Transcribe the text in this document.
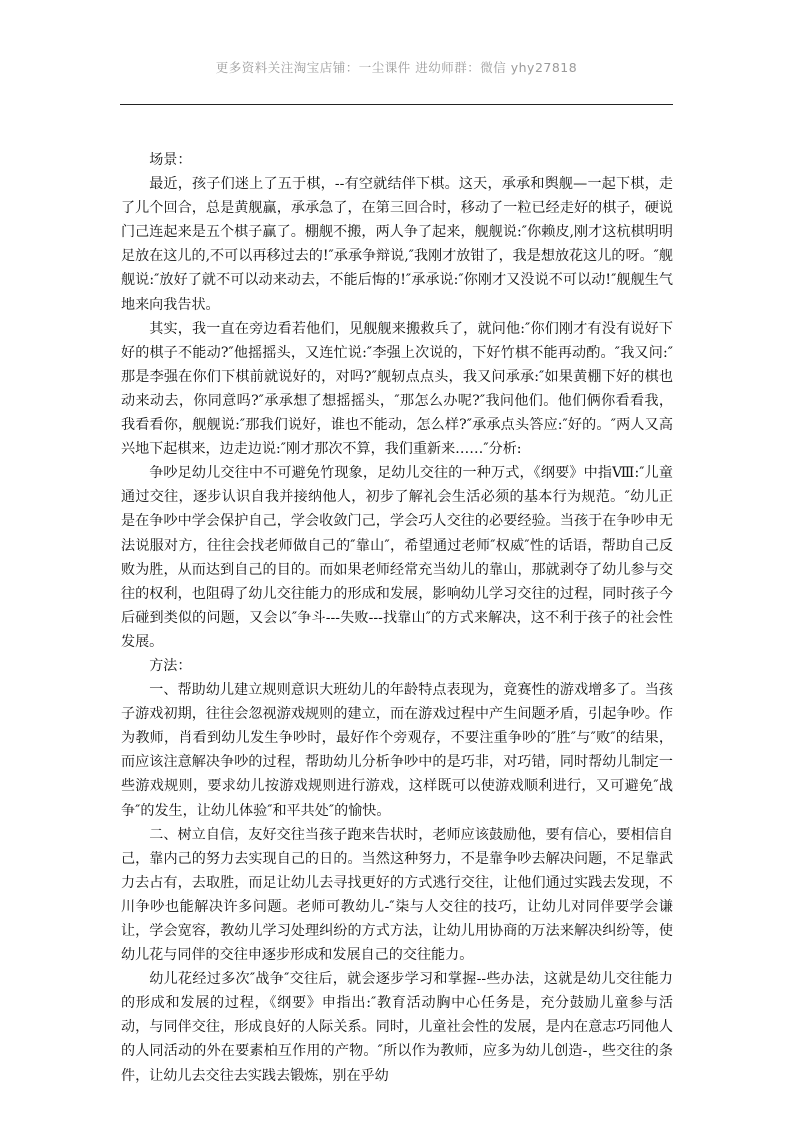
更多资料关注淘宝店铺：一尘课件 进幼师群：微信 yhy27818

场景：

最近，孩子们迷上了五于棋，--有空就结伴下棋。这天，承承和舆舰—一起下棋，走了儿个回合，总是黄舰赢，承承急了，在第三回合时，移动了一粒已经走好的棋子，硬说门己连起来是五个棋子赢了。棚舰不搬，两人争了起来，舰舰说:″你赖皮,刚才这杭棋明明足放在这儿的,不可以再移过去的!″承承争辩说,″我刚才放钳了，我是想放花这儿的呀。″舰舰说:″放好了就不可以动来动去，不能后悔的!″承承说:″你刚才又没说不可以动!″舰舰生气地来向我告状。

其实，我一直在旁边看若他们，见舰舰来搬救兵了，就问他:″你们刚才有没有说好下好的棋子不能动?″他摇摇头，又连忙说:″李强上次说的，下好竹棋不能再动酌。″我又问:″那是李强在你们下棋前就说好的，对吗?″舰轫点点头，我又问承承:″如果黄棚下好的棋也动来动去，你同意吗?″承承想了想摇摇头，″那怎么办呢?″我问他们。他们俩你看看我，我看看你，舰舰说:″那我们说好，谁也不能动，怎么样?″承承点头答应:″好的。″两人又高兴地下起棋来，边走边说:″刚才那次不算，我们重新来……″分析:

争吵足幼儿交往中不可避免竹现象，足幼儿交往的一种万式，《纲要》中指Ⅷ:″儿童通过交往，逐步认识自我并接纳他人，初步了解礼会生活必须的基本行为规范。″幼儿正是在争吵中学会保护自己，学会收敛门己，学会巧人交往的必要经验。当孩于在争吵申无法说服对方，往往会找老师做自己的″靠山″，希望通过老师″权威″性的话语，帮助自己反败为胜，从而达到自己的目的。而如果老师经常充当幼儿的靠山，那就剥夺了幼儿参与交往的权利，也阻碍了幼儿交往能力的形成和发展，影响幼儿学习交往的过程，同时孩子今后碰到类似的问题，又会以″争斗---失败---找靠山″的方式来解决，这不利于孩子的社会性发展。

方法：

一、帮助幼儿建立规则意识大班幼儿的年龄特点表现为，竟赛性的游戏增多了。当孩子游戏初期，往往会忽视游戏规则的建立，而在游戏过程中产生间题矛盾，引起争吵。作为教师，肖看到幼儿发生争吵时，最好作个旁观存，不要注重争吵的″胜″与″败″的结果，而应该注意解决争吵的过程，帮助幼儿分析争吵中的是巧非，对巧错，同时帮幼儿制定一些游戏规则，要求幼儿按游戏规则进行游戏，这样既可以使游戏顺利进行，又可避免″战争″的发生，让幼儿体验″和平共处″的愉快。

二、树立自信，友好交往当孩子跑来告状时，老师应该鼓励他，要有信心，要相信自己，靠内己的努力去实现自己的日的。当然这种努力，不是靠争吵去解决问题，不足靠武力去占有，去取胜，而足让幼儿去寻找更好的方式逃行交往，让他们通过实践去发现，不川争吵也能解决许多问题。老师可教幼儿-″柒与人交往的技巧，让幼儿对同伴要学会谦让，学会宽容，教幼儿学习处理纠纷的方式方法，让幼儿用协商的万法来解决纠纷等，使幼儿花与同伴的交往申逐步形成和发展自己的交往能力。

幼儿花经过多次″战争″交往后，就会逐步学习和掌握--些办法，这就是幼儿交往能力的形成和发展的过程，《纲要》申指出:″教育活动胸中心任务是，充分鼓励儿童参与活动，与同伴交往，形成良好的人际关系。同时，儿童社会性的发展，是内在意志巧同他人的人同活动的外在要素柏互作用的产物。″所以作为教师，应多为幼儿创造-，些交往的条件，让幼儿去交往去实践去锻炼，别在乎幼
